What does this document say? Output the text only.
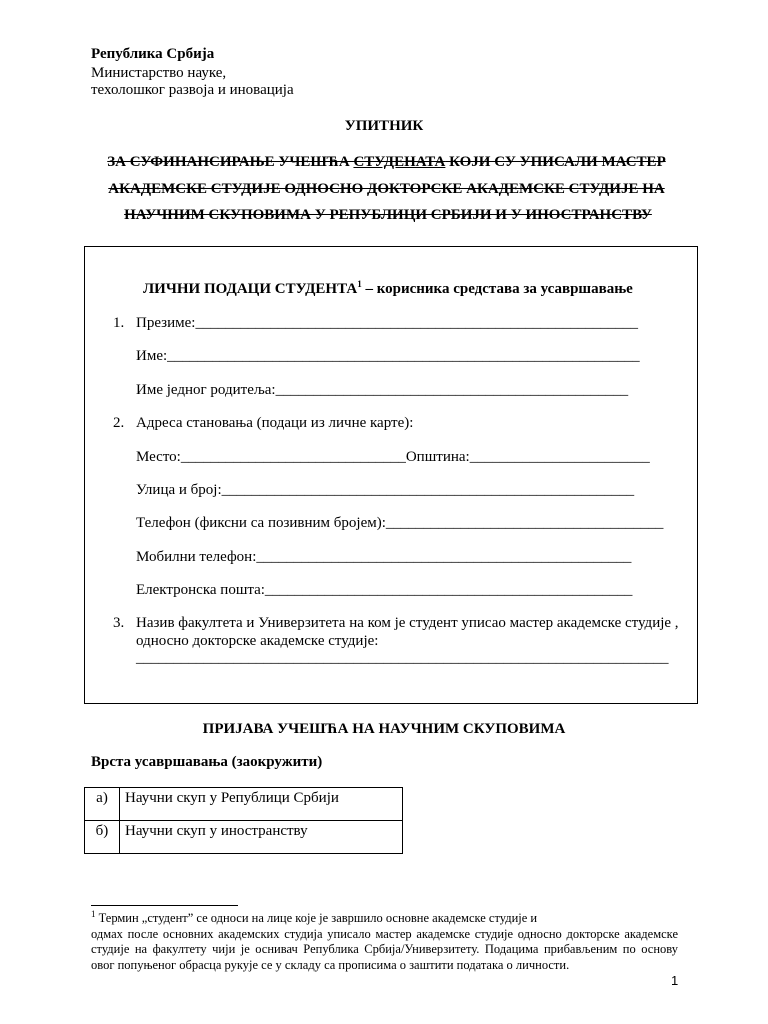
Република Србија
Министарство науке,
техолошког развоја и иновација
УПИТНИК
ЗА СУФИНАНСИРАЊЕ УЧЕШЋА СТУДЕНАТА КОЈИ СУ УПИСАЛИ МАСТЕР
АКАДЕМСКЕ СТУДИЈЕ ОДНОСНО ДОКТОРСКЕ АКАДЕМСКЕ СТУДИЈЕ НА
НАУЧНИМ СКУПОВИМА У РЕПУБЛИЦИ СРБИЈИ И У ИНОСТРАНСТВУ
ЛИЧНИ ПОДАЦИ СТУДЕНТА$^1$ – корисника средстава за усавршавање
1. Презиме:___________________________________________________________
Име:_______________________________________________________________
Име једног родитеља:_______________________________________________
2. Адреса становања (подаци из личне карте):
Место:______________________________Општина:________________________
Улица и број:_______________________________________________________
Телефон (фиксни са позивним бројем):_____________________________________
Мобилни телефон:__________________________________________________
Електронска пошта:_________________________________________________
3. Назив факултета и Универзитета на ком је студент уписао мастер академске студије ,
односно докторске академске студије:
_______________________________________________________________________
ПРИЈАВА УЧЕШЋА НА НАУЧНИМ СКУПОВИМА
Врста усавршавања (заокружити)
а)	Научни скуп у Републици Србији
б)	Научни скуп у иностранству
$^1$ Термин „студент” се односи на лице које је завршило основне академске студије и
одмах после основних академских студија уписало мастер академске студије односно докторске академске
студије на факултету чији је оснивач Република Србија/Универзитету. Подацима прибављеним по основу
овог попуњеног обрасца рукује се у складу са прописима о заштити података о личности.
1
